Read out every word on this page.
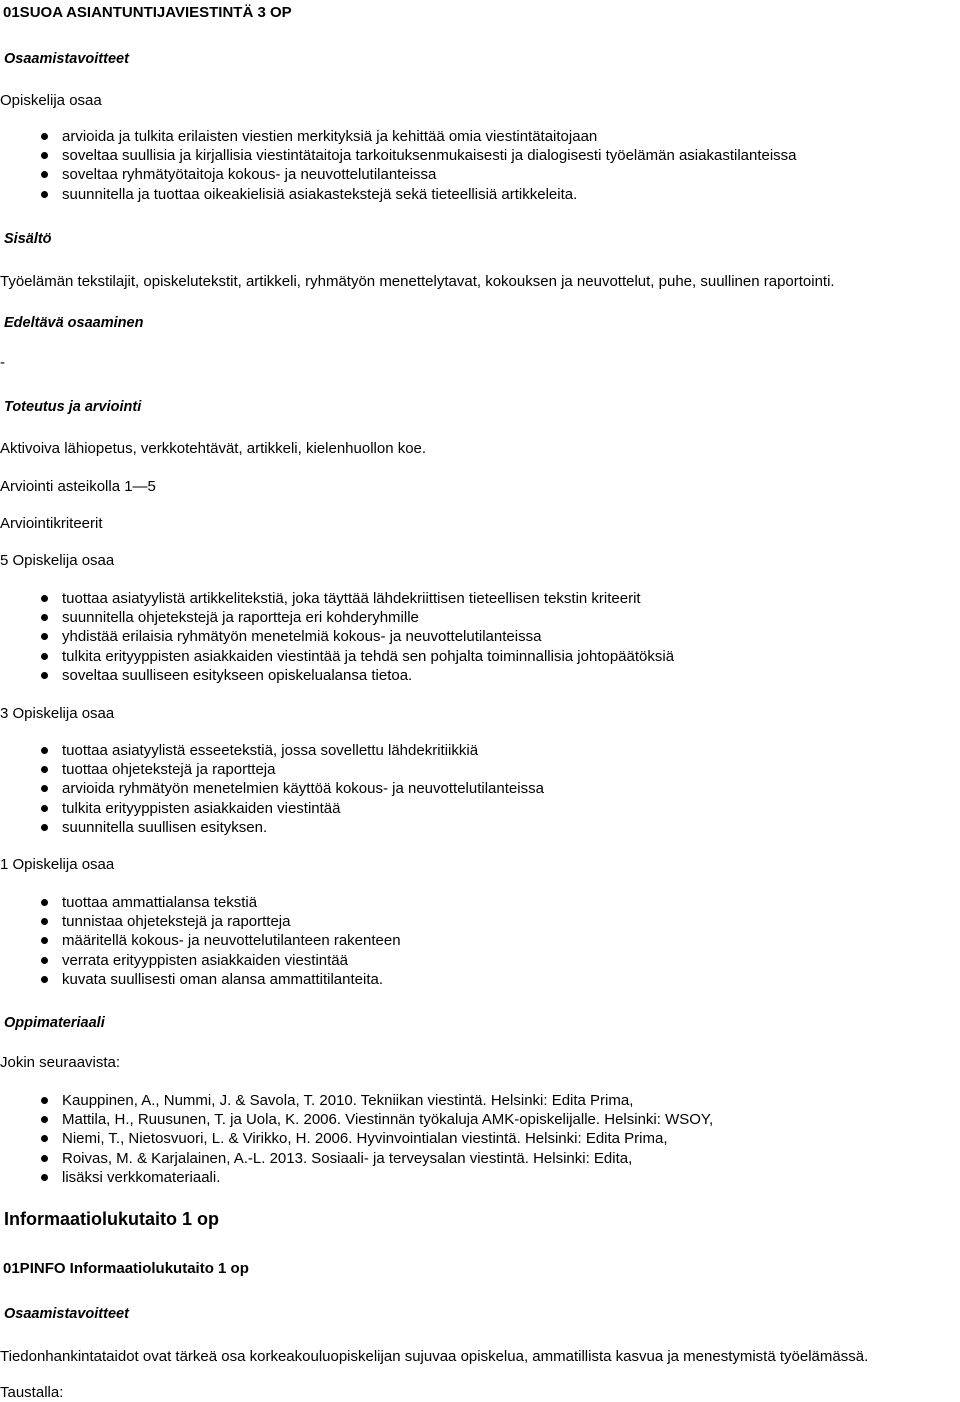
01SUOA ASIANTUNTIJAVIESTINTÄ 3 OP
Osaamistavoitteet
Opiskelija osaa
arvioida ja tulkita erilaisten viestien merkityksiä ja kehittää omia viestintätaitojaan
soveltaa suullisia ja kirjallisia viestintätaitoja tarkoituksenmukaisesti ja dialogisesti työelämän asiakastilanteissa
soveltaa ryhmätyötaitoja kokous- ja neuvottelutilanteissa
suunnitella ja tuottaa oikeakielisiä asiakastekstejä sekä tieteellisiä artikkeleita.
Sisältö
Työelämän tekstilajit, opiskelutekstit, artikkeli, ryhmätyön menettelytavat, kokouksen ja neuvottelut, puhe, suullinen raportointi.
Edeltävä osaaminen
-
Toteutus ja arviointi
Aktivoiva lähiopetus, verkkotehtävät, artikkeli, kielenhuollon koe.
Arviointi asteikolla 1—5
Arviointikriteerit
5 Opiskelija osaa
tuottaa asiatyylistä artikkelitekstiä, joka täyttää lähdekriittisen tieteellisen tekstin kriteerit
suunnitella ohjetekstejä ja raportteja eri kohderyhmille
yhdistää erilaisia ryhmätyön menetelmiä kokous- ja neuvottelutilanteissa
tulkita erityyppisten asiakkaiden viestintää ja tehdä sen pohjalta toiminnallisia johtopäätöksiä
soveltaa suulliseen esitykseen opiskelualansa tietoa.
3 Opiskelija osaa
tuottaa asiatyylistä esseetekstiä, jossa sovellettu lähdekritiikkiä
tuottaa ohjetekstejä ja raportteja
arvioida ryhmätyön menetelmien käyttöä kokous- ja neuvottelutilanteissa
tulkita erityyppisten asiakkaiden viestintää
suunnitella suullisen esityksen.
1 Opiskelija osaa
tuottaa ammattialansa tekstiä
tunnistaa ohjetekstejä ja raportteja
määritellä kokous- ja neuvottelutilanteen rakenteen
verrata erityyppisten asiakkaiden viestintää
kuvata suullisesti oman alansa ammattitilanteita.
Oppimateriaali
Jokin seuraavista:
Kauppinen, A., Nummi, J. & Savola, T. 2010. Tekniikan viestintä. Helsinki: Edita Prima,
Mattila, H., Ruusunen, T. ja Uola, K. 2006. Viestinnän työkaluja AMK-opiskelijalle. Helsinki: WSOY,
Niemi, T., Nietosvuori, L. & Virikko, H. 2006. Hyvinvointialan viestintä. Helsinki: Edita Prima,
Roivas, M. & Karjalainen, A.-L. 2013. Sosiaali- ja terveysalan viestintä. Helsinki: Edita,
lisäksi verkkomateriaali.
Informaatiolukutaito 1 op
01PINFO Informaatiolukutaito 1 op
Osaamistavoitteet
Tiedonhankintataidot ovat tärkeä osa korkeakouluopiskelijan sujuvaa opiskelua, ammatillista kasvua ja menestymistä työelämässä.
Taustalla:
